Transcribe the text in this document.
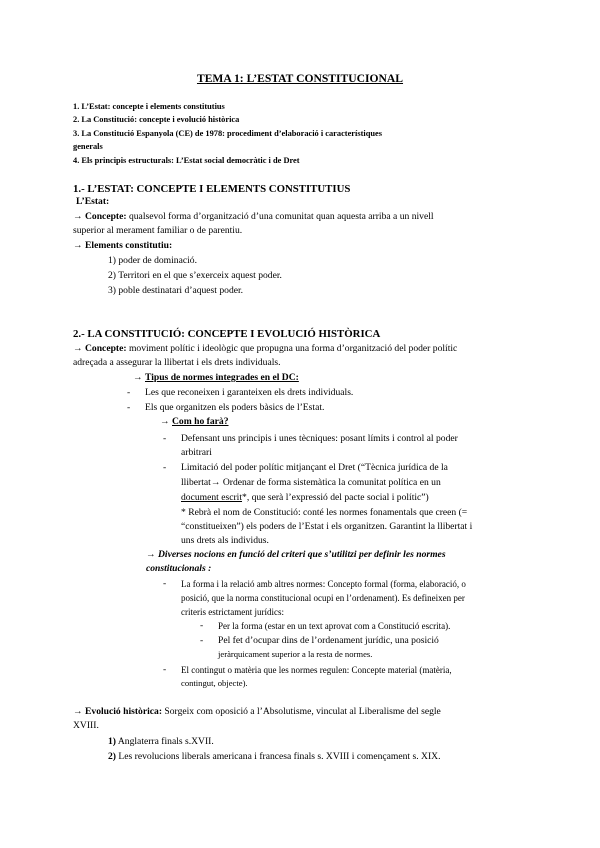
TEMA 1: L’ESTAT CONSTITUCIONAL
1. L’Estat: concepte i elements constitutius
2. La Constitució: concepte i evolució històrica
3. La Constitució Espanyola (CE) de 1978: procediment d’elaboració i característiques
generals
4. Els principis estructurals: L’Estat social democràtic i de Dret
1.- L’ESTAT: CONCEPTE I ELEMENTS CONSTITUTIUS
L’Estat:
→ Concepte: qualsevol forma d’organització d’una comunitat quan aquesta arriba a un nivell
superior al merament familiar o de parentiu.
→ Elements constitutiu:
1) poder de dominació.
2) Territori en el que s’exerceix aquest poder.
3) poble destinatari d’aquest poder.
2.- LA CONSTITUCIÓ: CONCEPTE I EVOLUCIÓ HISTÒRICA
→ Concepte: moviment polític i ideològic que propugna una forma d’organització del poder polític
adreçada a assegurar la llibertat i els drets individuals.
→ Tipus de normes integrades en el DC:
- Les que reconeixen i garanteixen els drets individuals.
- Els que organitzen els poders bàsics de l’Estat.
→ Com ho farà?
- Defensant uns principis i unes tècniques: posant límits i control al poder
arbitrari
- Limitació del poder polític mitjançant el Dret (“Tècnica jurídica de la
llibertat→ Ordenar de forma sistemàtica la comunitat política en un
document escrit*, que serà l’expressió del pacte social i polític”)
* Rebrà el nom de Constitució: conté les normes fonamentals que creen (=
“constitueixen”) els poders de l’Estat i els organitzen. Garantint la llibertat i
uns drets als individus.
→ Diverses nocions en funció del criteri que s’utilitzi per definir les normes
constitucionals :
- La forma i la relació amb altres normes: Concepto formal (forma, elaboració, o
posició, que la norma constitucional ocupi en l’ordenament). Es defineixen per
criteris estrictament jurídics:
- Per la forma (estar en un text aprovat com a Constitució escrita).
- Pel fet d’ocupar dins de l’ordenament jurídic, una posició
jeràrquicament superior a la resta de normes.
- El contingut o matèria que les normes regulen: Concepte material (matèria,
contingut, objecte).
→ Evolució històrica: Sorgeix com oposició a l’Absolutisme, vinculat al Liberalisme del segle
XVIII.
1) Anglaterra finals s.XVII.
2) Les revolucions liberals americana i francesa finals s. XVIII i començament s. XIX.
